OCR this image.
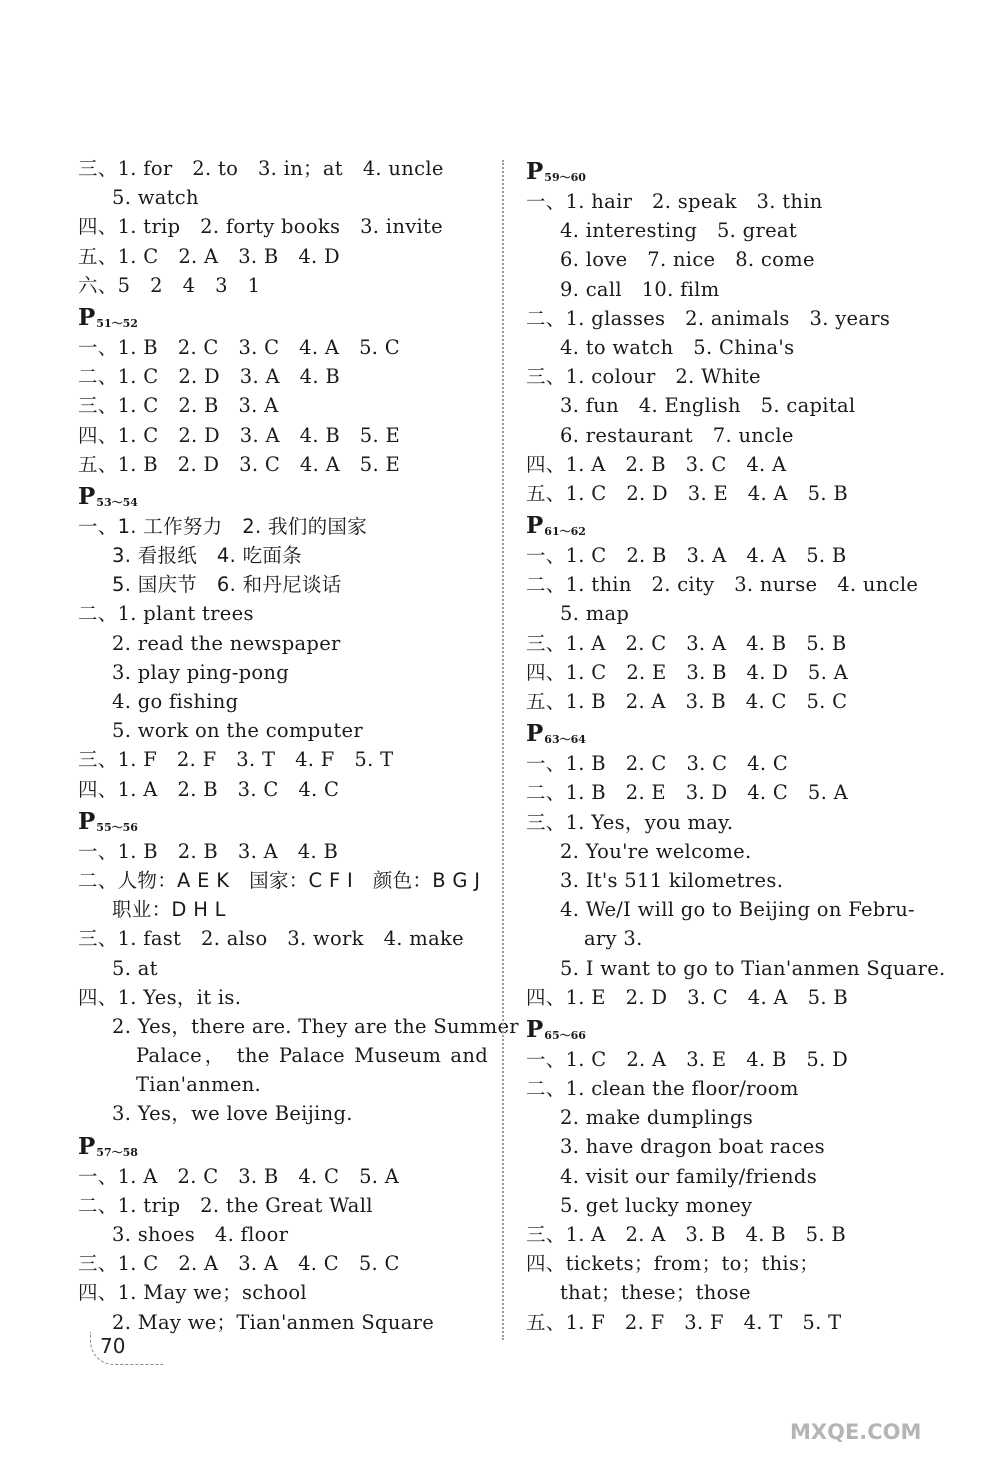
三、1. for　2. to　3. in；at　4. uncle
5. watch
四、1. trip　2. forty books　3. invite
五、1. C　2. A　3. B　4. D
六、5　2　4　3　1
$P_{51\sim 52}$
一、1. B　2. C　3. C　4. A　5. C
二、1. C　2. D　3. A　4. B
三、1. C　2. B　3. A
四、1. C　2. D　3. A　4. B　5. E
五、1. B　2. D　3. C　4. A　5. E
$P_{53\sim 54}$
一、1. 工作努力　2. 我们的国家
3. 看报纸　4. 吃面条
5. 国庆节　6. 和丹尼谈话
二、1. plant trees
2. read the newspaper
3. play ping-pong
4. go fishing
5. work on the computer
三、1. F　2. F　3. T　4. F　5. T
四、1. A　2. B　3. C　4. C
$P_{55\sim 56}$
一、1. B　2. B　3. A　4. B
二、人物：A E K　国家：C F I　颜色：B G J
职业：D H L
三、1. fast　2. also　3. work　4. make
5. at
四、1. Yes，it is.
2. Yes，there are. They are the Summer
Palace， the Palace Museum and
Tian'anmen.
3. Yes，we love Beijing.
$P_{57\sim 58}$
一、1. A　2. C　3. B　4. C　5. A
二、1. trip　2. the Great Wall
3. shoes　4. floor
三、1. C　2. A　3. A　4. C　5. C
四、1. May we；school
2. May we；Tian'anmen Square
$P_{59\sim 60}$
一、1. hair　2. speak　3. thin
4. interesting　5. great
6. love　7. nice　8. come
9. call　10. film
二、1. glasses　2. animals　3. years
4. to watch　5. China's
三、1. colour　2. White
3. fun　4. English　5. capital
6. restaurant　7. uncle
四、1. A　2. B　3. C　4. A
五、1. C　2. D　3. E　4. A　5. B
$P_{61\sim 62}$
一、1. C　2. B　3. A　4. A　5. B
二、1. thin　2. city　3. nurse　4. uncle
5. map
三、1. A　2. C　3. A　4. B　5. B
四、1. C　2. E　3. B　4. D　5. A
五、1. B　2. A　3. B　4. C　5. C
$P_{63\sim 64}$
一、1. B　2. C　3. C　4. C
二、1. B　2. E　3. D　4. C　5. A
三、1. Yes，you may.
2. You're welcome.
3. It's 511 kilometres.
4. We/I will go to Beijing on Febru-
ary 3.
5. I want to go to Tian'anmen Square.
四、1. E　2. D　3. C　4. A　5. B
$P_{65\sim 66}$
一、1. C　2. A　3. E　4. B　5. D
二、1. clean the floor/room
2. make dumplings
3. have dragon boat races
4. visit our family/friends
5. get lucky money
三、1. A　2. A　3. B　4. B　5. B
四、tickets；from；to；this；
that；these；those
五、1. F　2. F　3. F　4. T　5. T
70
MXQE.COM
